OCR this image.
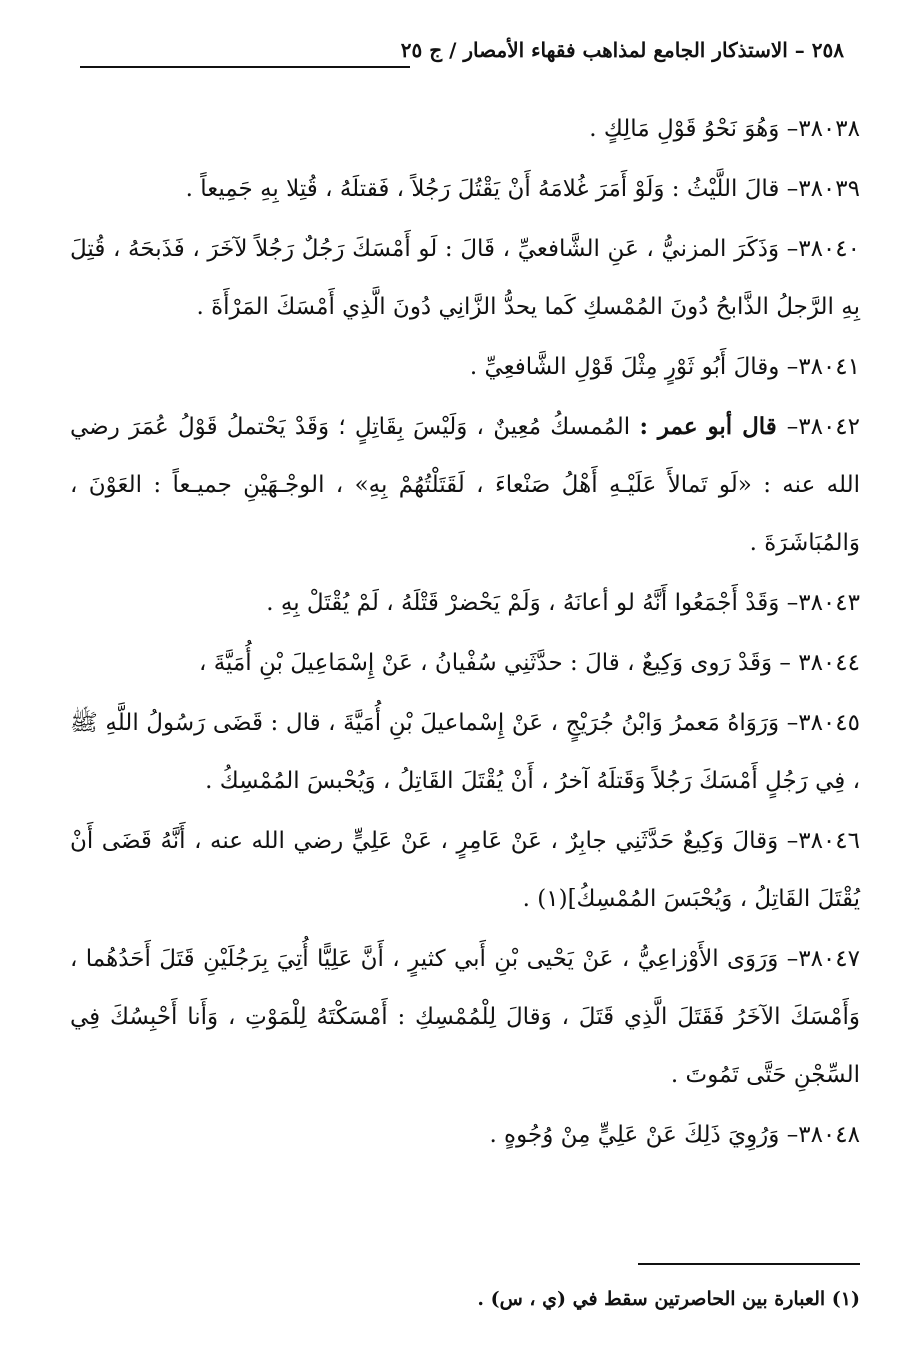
٢٥٨ – الاستذكار الجامع لمذاهب فقهاء الأمصار / ج ٢٥

٣٨٠٣٨– وَهُوَ نَحْوُ قَوْلِ مَالِكٍ .

٣٨٠٣٩– قالَ اللَّيْثُ : وَلَوْ أَمَرَ غُلامَهُ أَنْ يَقْتُلَ رَجُلاً ، فَقتلَهُ ، قُتِلا بِهِ جَمِيعاً .

٣٨٠٤٠– وَذَكَرَ المزنيُّ ، عَنِ الشَّافعيِّ ، قَالَ : لَو أَمْسَكَ رَجُلٌ رَجُلاً لآخَرَ ، فَذَبحَهُ ، قُتِلَ بِهِ الرَّجلُ الذَّابحُ دُونَ المُمْسكِ كَما يحدُّ الزَّانِي دُونَ الَّذِي أَمْسَكَ المَرْأَةَ .

٣٨٠٤١– وقالَ أَبُو ثَوْرٍ مِثْلَ قَوْلِ الشَّافعِيِّ .

٣٨٠٤٢– قال أبو عمر : المُمسكُ مُعِينٌ ، وَلَيْسَ بِقَاتِلٍ ؛ وَقَدْ يَحْتملُ قَوْلُ عُمَرَ رضي الله عنه : «لَو تَمالأَ عَلَيْـهِ أَهْلُ صَنْعاءَ ، لَقَتَلْتُهُمْ بِهِ» ، الوجْـهَيْنِ جميـعاً : العَوْنَ ، وَالمُبَاشَرَةَ .

٣٨٠٤٣– وَقَدْ أَجْمَعُوا أَنَّهُ لو أعانَهُ ، وَلَمْ يَحْضرْ قَتْلَهُ ، لَمْ يُقْتَلْ بِهِ .

٣٨٠٤٤ – وَقَدْ رَوى وَكِيعٌ ، قالَ : حدَّثَنِي سُفْيانُ ، عَنْ إِسْمَاعِيلَ بْنِ أُمَيَّةَ ،

٣٨٠٤٥– وَرَوَاهُ مَعمرُ وَابْنُ جُرَيْجٍ ، عَنْ إِسْماعيلَ بْنِ أُمَيَّةَ ، قال : قَضَى رَسُولُ اللَّهِ ﷺ ، فِي رَجُلٍ أَمْسَكَ رَجُلاً وَقَتلَهُ آخرُ ، أَنْ يُقْتَلَ القَاتِلُ ، وَيُحْبسَ المُمْسِكُ .

٣٨٠٤٦– وَقالَ وَكِيعٌ حَدَّثَنِي جابِرٌ ، عَنْ عَامِرٍ ، عَنْ عَلِيٍّ رضي الله عنه ، أَنَّهُ قَضَى أَنْ يُقْتَلَ القَاتِلُ ، وَيُحْبَسَ المُمْسِكُ](١) .

٣٨٠٤٧– وَرَوَى الأَوْزاعِيُّ ، عَنْ يَحْيى بْنِ أَبي كثيرٍ ، أَنَّ عَلِيًّا أُتِيَ بِرَجُلَيْنِ قَتَلَ أَحَدُهُما ، وَأَمْسَكَ الآخَرُ فَقَتَلَ الَّذِي قَتَلَ ، وَقالَ لِلْمُمْسِكِ : أَمْسَكْتَهُ لِلْمَوْتِ ، وَأَنا أَحْبِسُكَ فِي السِّجْنِ حَتَّى تَمُوتَ .

٣٨٠٤٨– وَرُوِيَ ذَلِكَ عَنْ عَلِيٍّ مِنْ وُجُوهٍ .

(١) العبارة بين الحاصرتين سقط في (ي ، س) .
